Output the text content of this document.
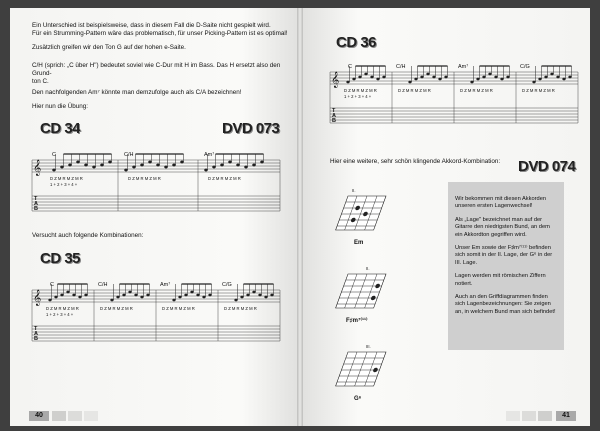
Ein Unterschied ist beispielsweise, dass in diesem Fall die D-Saite nicht gespielt wird.
Für ein Strumming-Pattern wäre das problematisch, für unser Picking-Pattern ist es optimal!
Zusätzlich greifen wir den Ton G auf der hohen e-Saite.
C/H (sprich: „C über H") bedeutet soviel wie C-Dur mit H im Bass. Das H ersetzt also den Grund-
ton C.
Den nachfolgenden Am⁷ könnte man demzufolge auch als C/A bezeichnen!
Hier nun die Übung:
CD 34	DVD 073
𝄞
C	C/H	Am⁷
T
A
B
D Z M R M Z M R	D Z M R M Z M R	D Z M R M Z M R
1 + 2 + 3 + 4 +
Versucht auch folgende Kombinationen:
CD 35
𝄞
C	C/H	Am⁷	C/G
T
A
B
D Z M R M Z M R	D Z M R M Z M R	D Z M R M Z M R	D Z M R M Z M R
1 + 2 + 3 + 4 +
40
CD 36
𝄞
C	C/H	Am⁷	C/G
T
A
B
D Z M R M Z M R	D Z M R M Z M R	D Z M R M Z M R	D Z M R M Z M R
1 + 2 + 3 + 4 +
Hier eine weitere, sehr schön klingende Akkord-Kombination: DVD 074
II.
Em
II.
F♯m⁷⁽¹¹⁾
III.
G⁶
Wir bekommen mit diesen Akkorden unseren ersten Lagenwechsel!
Als „Lage" bezeichnet man auf der Gitarre den niedrigsten Bund, an dem ein Akkordton gegriffen wird.
Unser Em sowie der F♯m⁷⁽¹¹⁾ befinden sich somit in der II. Lage, der G⁶ in der III. Lage.
Lagen werden mit römischen Ziffern notiert.
Auch an den Griffdiagrammen finden sich Lagenbezeichnungen: Sie zeigen an, in welchem Bund man sich befindet!
41
